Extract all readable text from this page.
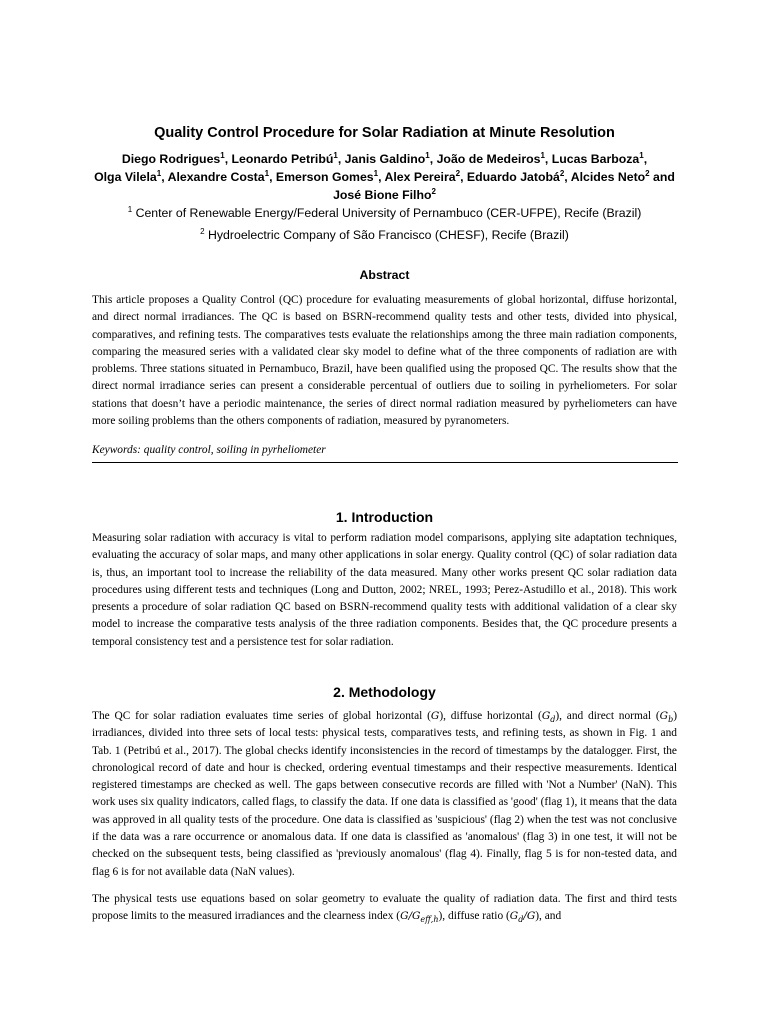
Quality Control Procedure for Solar Radiation at Minute Resolution
Diego Rodrigues$^1$, Leonardo Petribú$^1$, Janis Galdino$^1$, João de Medeiros$^1$, Lucas Barboza$^1$,
Olga Vilela$^1$, Alexandre Costa$^1$, Emerson Gomes$^1$, Alex Pereira$^2$, Eduardo Jatobá$^2$, Alcides Neto$^2$ and José Bione Filho$^2$
$^1$ Center of Renewable Energy/Federal University of Pernambuco (CER-UFPE), Recife (Brazil)
$^2$ Hydroelectric Company of São Francisco (CHESF), Recife (Brazil)
Abstract
This article proposes a Quality Control (QC) procedure for evaluating measurements of global horizontal, diffuse horizontal, and direct normal irradiances. The QC is based on BSRN-recommend quality tests and other tests, divided into physical, comparatives, and refining tests. The comparatives tests evaluate the relationships among the three main radiation components, comparing the measured series with a validated clear sky model to define what of the three components of radiation are with problems. Three stations situated in Pernambuco, Brazil, have been qualified using the proposed QC. The results show that the direct normal irradiance series can present a considerable percentual of outliers due to soiling in pyrheliometers. For solar stations that doesn’t have a periodic maintenance, the series of direct normal radiation measured by pyrheliometers can have more soiling problems than the others components of radiation, measured by pyranometers.
Keywords: quality control, soiling in pyrheliometer
1. Introduction
Measuring solar radiation with accuracy is vital to perform radiation model comparisons, applying site adaptation techniques, evaluating the accuracy of solar maps, and many other applications in solar energy. Quality control (QC) of solar radiation data is, thus, an important tool to increase the reliability of the data measured. Many other works present QC solar radiation data procedures using different tests and techniques (Long and Dutton, 2002; NREL, 1993; Perez-Astudillo et al., 2018). This work presents a procedure of solar radiation QC based on BSRN-recommend quality tests with additional validation of a clear sky model to increase the comparative tests analysis of the three radiation components. Besides that, the QC procedure presents a temporal consistency test and a persistence test for solar radiation.
2. Methodology
The QC for solar radiation evaluates time series of global horizontal (G), diffuse horizontal $(G_d)$, and direct normal $(G_b)$ irradiances, divided into three sets of local tests: physical tests, comparatives tests, and refining tests, as shown in Fig. 1 and Tab. 1 (Petribú et al., 2017). The global checks identify inconsistencies in the record of timestamps by the datalogger. First, the chronological record of date and hour is checked, ordering eventual timestamps and their respective measurements. Identical registered timestamps are checked as well. The gaps between consecutive records are filled with 'Not a Number' (NaN). This work uses six quality indicators, called flags, to classify the data. If one data is classified as 'good' (flag 1), it means that the data was approved in all quality tests of the procedure. One data is classified as 'suspicious' (flag 2) when the test was not conclusive if the data was a rare occurrence or anomalous data. If one data is classified as 'anomalous' (flag 3) in one test, it will not be checked on the subsequent tests, being classified as 'previously anomalous' (flag 4). Finally, flag 5 is for non-tested data, and flag 6 is for not available data (NaN values).
The physical tests use equations based on solar geometry to evaluate the quality of radiation data. The first and third tests propose limits to the measured irradiances and the clearness index $(G/G_{eff,h})$, diffuse ratio $(G_d/G)$, and
